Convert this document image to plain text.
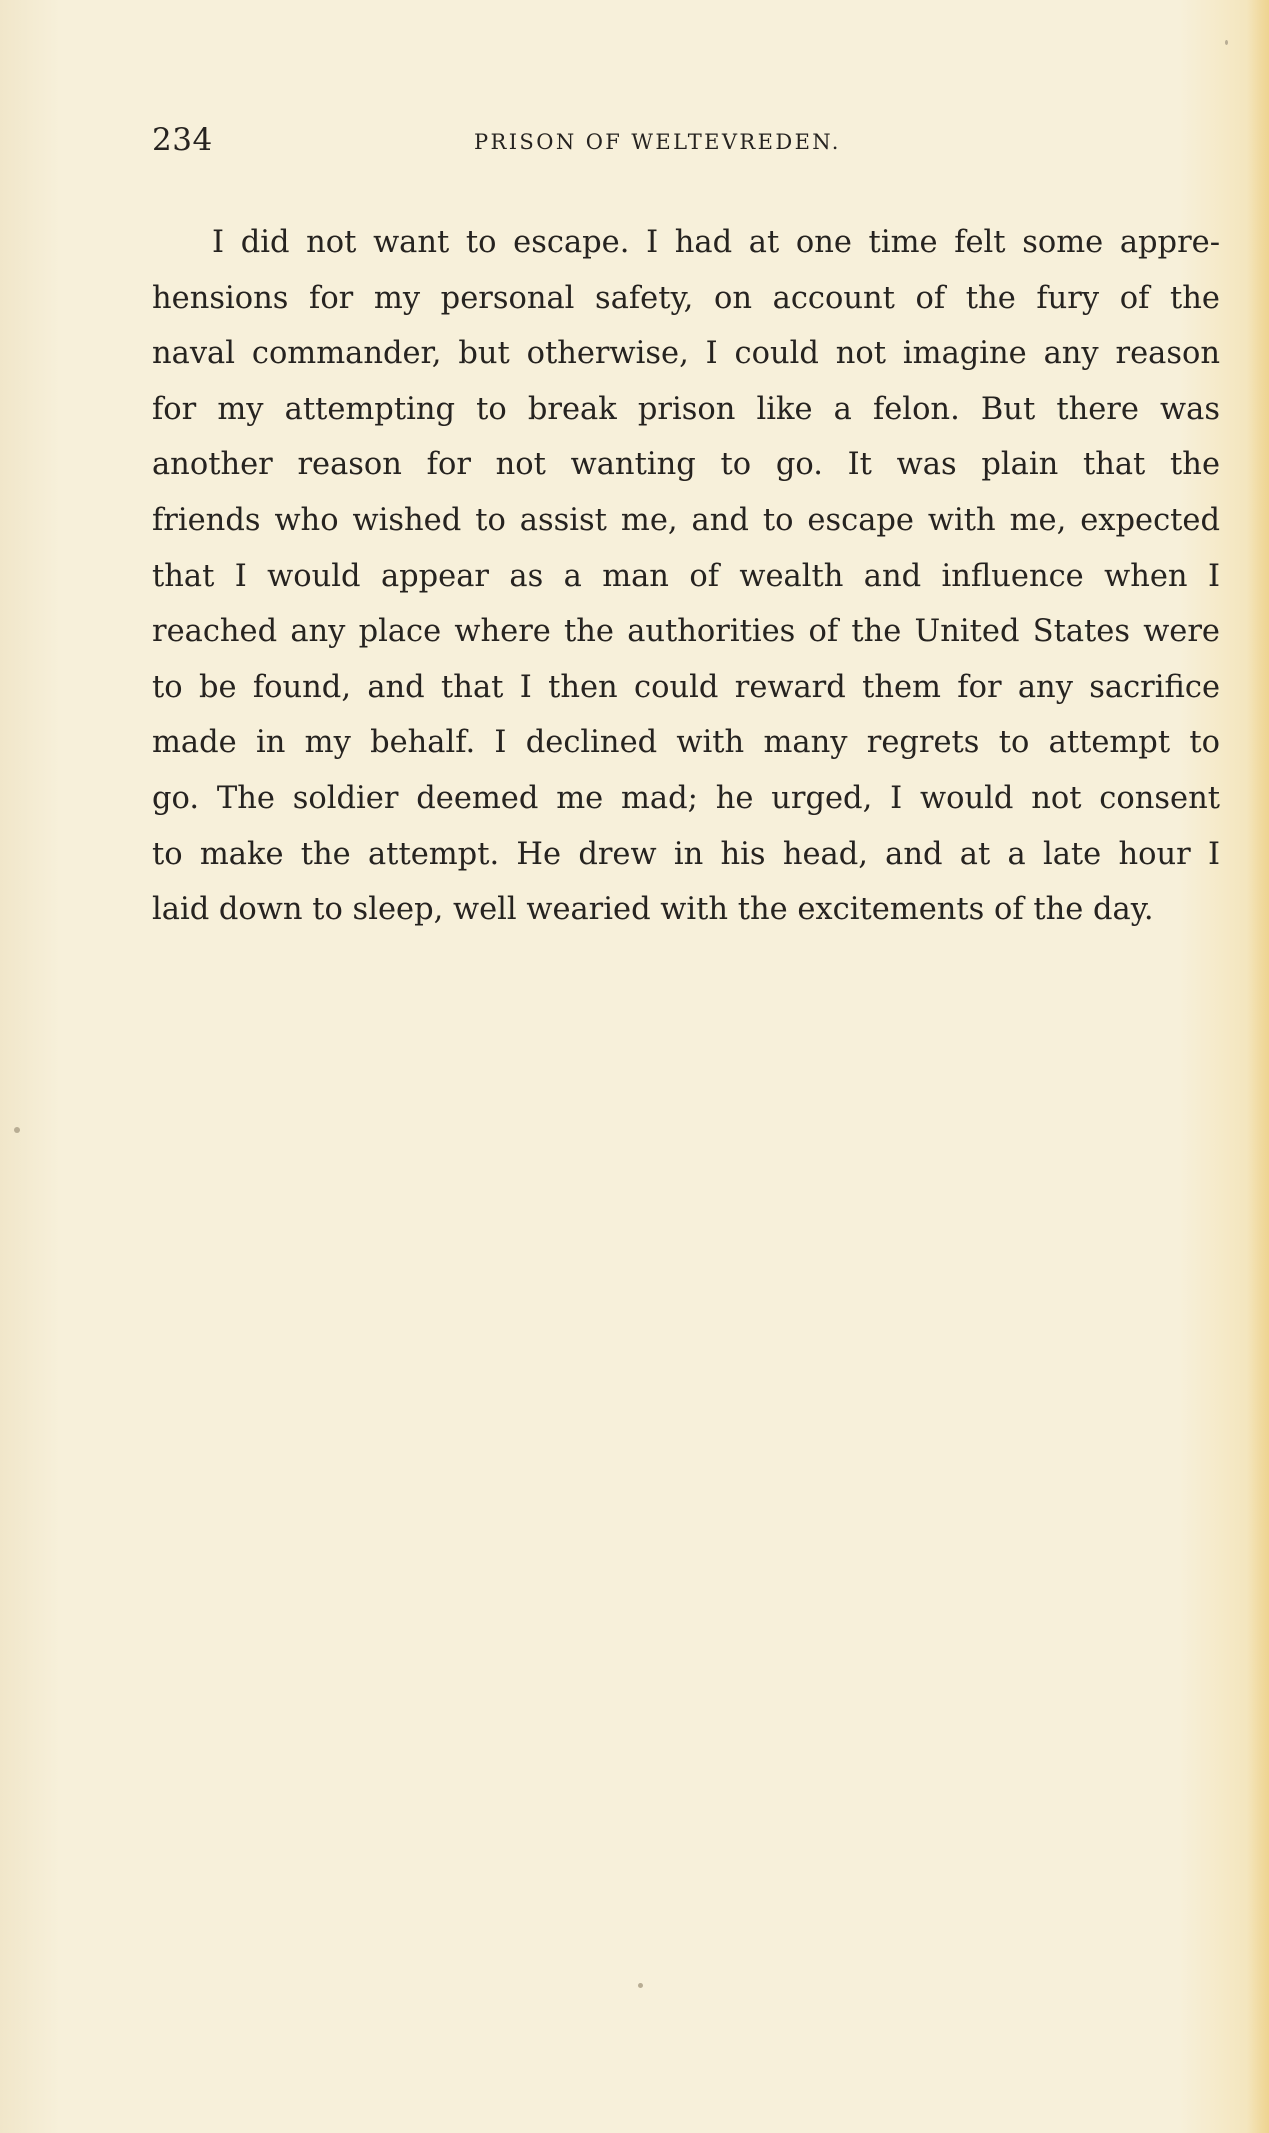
234	PRISON OF WELTEVREDEN.
I did not want to escape. I had at one time felt some appre-
hensions for my personal safety, on account of the fury of the
naval commander, but otherwise, I could not imagine any reason
for my attempting to break prison like a felon. But there was
another reason for not wanting to go. It was plain that the
friends who wished to assist me, and to escape with me, expected
that I would appear as a man of wealth and influence when I
reached any place where the authorities of the United States were
to be found, and that I then could reward them for any sacrifice
made in my behalf. I declined with many regrets to attempt to
go. The soldier deemed me mad; he urged, I would not consent
to make the attempt. He drew in his head, and at a late hour I
laid down to sleep, well wearied with the excitements of the day.
